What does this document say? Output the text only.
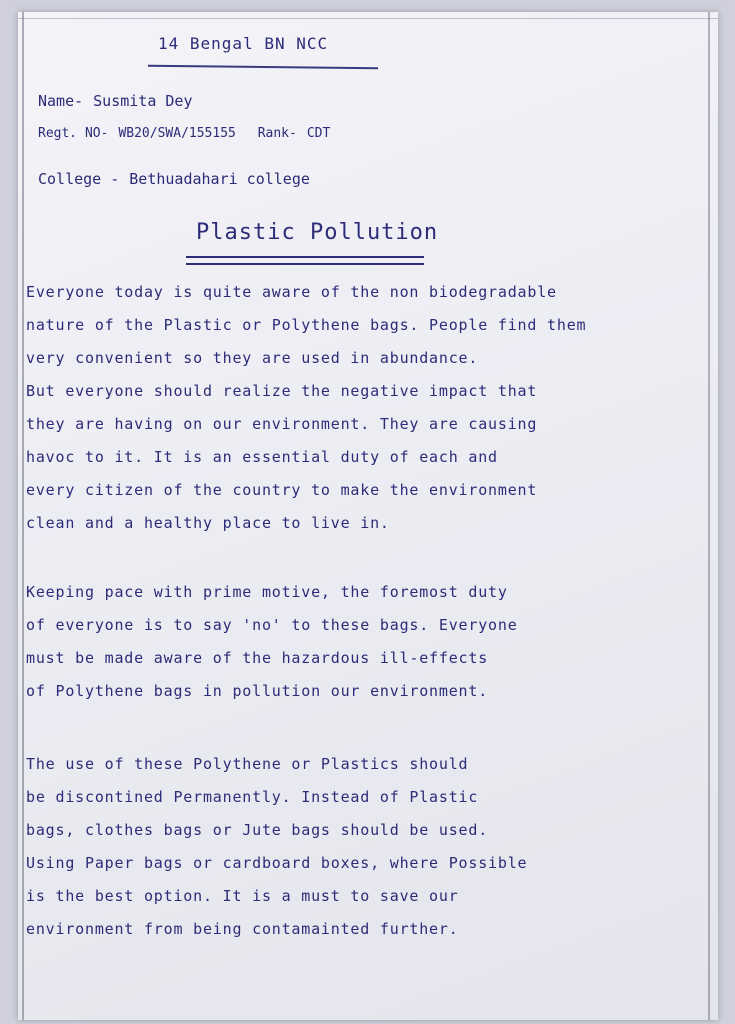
14 Bengal BN NCC
Name- Susmita Dey
Regt. NO- WB20/SWA/155155 Rank- CDT
College - Bethuadahari college
Plastic Pollution
Everyone today is quite aware of the non biodegradable
nature of the Plastic or Polythene bags. People find them
very convenient so they are used in abundance.
But everyone should realize the negative impact that
they are having on our environment. They are causing
havoc to it. It is an essential duty of each and
every citizen of the country to make the environment
clean and a healthy place to live in.
Keeping pace with prime motive, the foremost duty
of everyone is to say 'no' to these bags. Everyone
must be made aware of the hazardous ill-effects
of Polythene bags in pollution our environment.
The use of these Polythene or Plastics should
be discontined Permanently. Instead of Plastic
bags, clothes bags or Jute bags should be used.
Using Paper bags or cardboard boxes, where Possible
is the best option. It is a must to save our
environment from being contamainted further.
